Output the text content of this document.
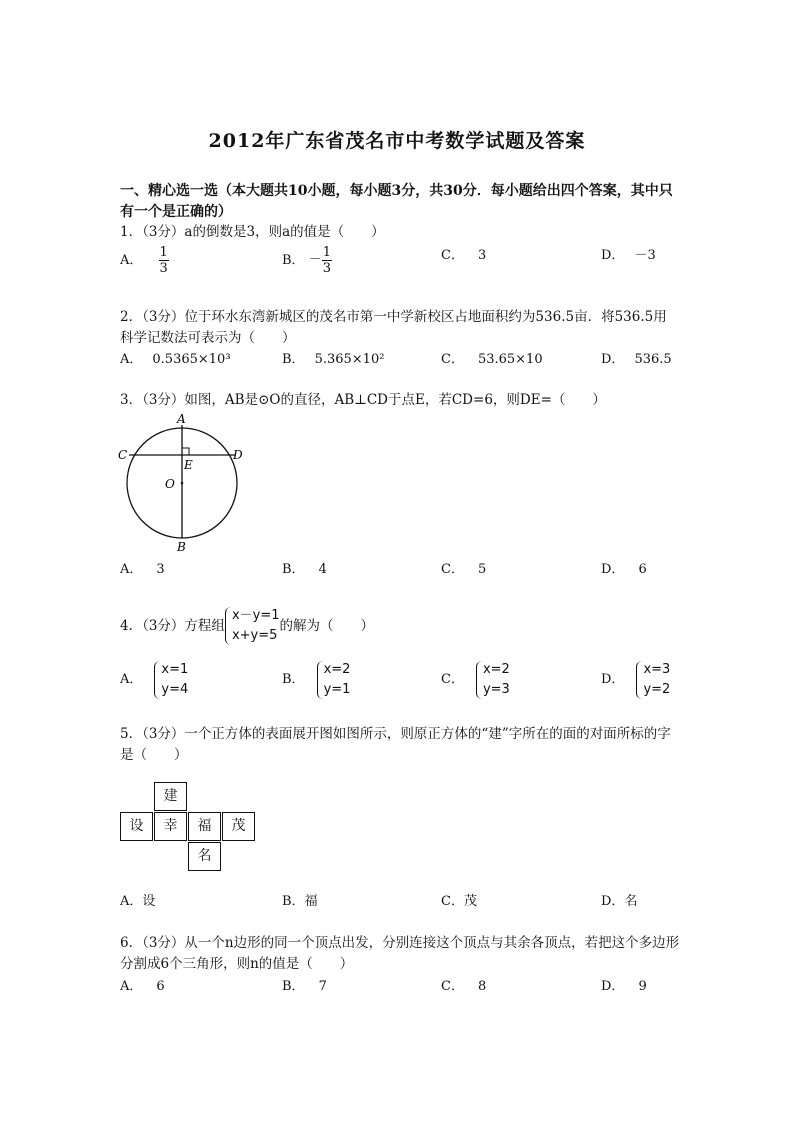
2012年广东省茂名市中考数学试题及答案
一、精心选一选（本大题共10小题，每小题3分，共30分．每小题给出四个答案，其中只有一个是正确的）
1．（3分）a的倒数是3，则a的值是（　　）
A． $\frac{1}{3}$	B． － $\frac{1}{3}$	C． 3	D． －3
2．（3分）位于环水东湾新城区的茂名市第一中学新校区占地面积约为536.5亩．将536.5用科学记数法可表示为（　　）
A． 0.5365×10³	B． 5.365×10²	C． 53.65×10	D． 536.5
3．（3分）如图，AB是⊙O的直径，AB⊥CD于点E，若CD=6，则DE=（　　）
A
B
C	D
E
O
A． 3	B． 4	C． 5	D． 6
4．（3分）方程组
x－y=1
x+y=5
的解为（　　）
A．
x=1
y=4
B．
x=2
y=1
C．
x=2
y=3
D．
x=3
y=2
5．（3分）一个正方体的表面展开图如图所示，则原正方体的“建”字所在的面的对面所标的字是（　　）
建
设	幸	福	茂
名
A．设	B．福	C．茂	D．名
6．（3分）从一个n边形的同一个顶点出发，分别连接这个顶点与其余各顶点，若把这个多边形分割成6个三角形，则n的值是（　　）
A． 6	B． 7	C． 8	D． 9
